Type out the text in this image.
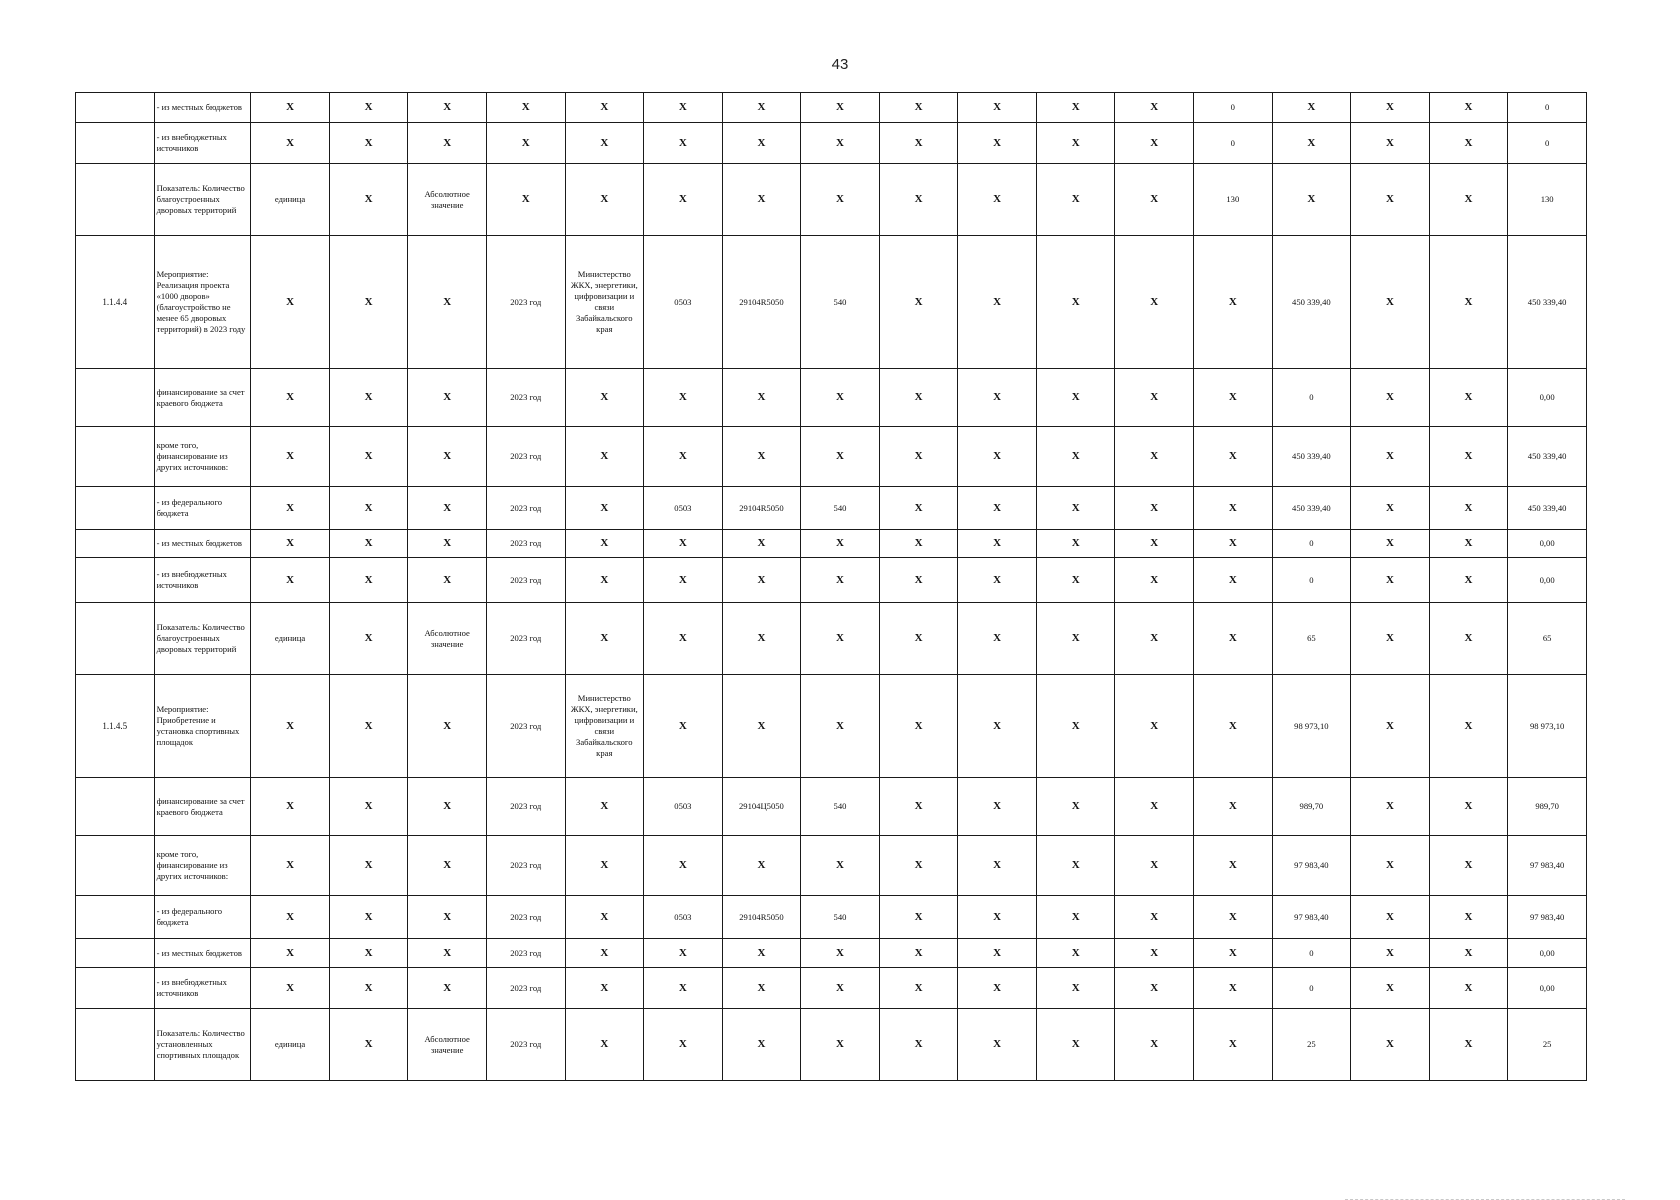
43
	- из местных бюджетов	X	X	X	X	X	X	X	X	X	X	X	X	0	X	X	X	0
	- из внебюджетных источников	X	X	X	X	X	X	X	X	X	X	X	X	0	X	X	X	0
	Показатель: Количество благоустроенных дворовых территорий	единица	X	Абсолютное значение	X	X	X	X	X	X	X	X	X	130	X	X	X	130
1.1.4.4	Мероприятие: Реализация проекта «1000 дворов» (благоустройство не менее 65 дворовых территорий) в 2023 году	X	X	X	2023 год	Министерство ЖКХ, энергетики, цифровизации и связи Забайкальского края	0503	29104R5050	540	X	X	X	X	X	450 339,40	X	X	450 339,40
	финансирование за счет краевого бюджета	X	X	X	2023 год	X	X	X	X	X	X	X	X	X	0	X	X	0,00
	кроме того, финансирование из других источников:	X	X	X	2023 год	X	X	X	X	X	X	X	X	X	450 339,40	X	X	450 339,40
	- из федерального бюджета	X	X	X	2023 год	X	0503	29104R5050	540	X	X	X	X	X	450 339,40	X	X	450 339,40
	- из местных бюджетов	X	X	X	2023 год	X	X	X	X	X	X	X	X	X	0	X	X	0,00
	- из внебюджетных источников	X	X	X	2023 год	X	X	X	X	X	X	X	X	X	0	X	X	0,00
	Показатель: Количество благоустроенных дворовых территорий	единица	X	Абсолютное значение	2023 год	X	X	X	X	X	X	X	X	X	65	X	X	65
1.1.4.5	Мероприятие: Приобретение и установка спортивных площадок	X	X	X	2023 год	Министерство ЖКХ, энергетики, цифровизации и связи Забайкальского края	X	X	X	X	X	X	X	X	98 973,10	X	X	98 973,10
	финансирование за счет краевого бюджета	X	X	X	2023 год	X	0503	29104Ц5050	540	X	X	X	X	X	989,70	X	X	989,70
	кроме того, финансирование из других источников:	X	X	X	2023 год	X	X	X	X	X	X	X	X	X	97 983,40	X	X	97 983,40
	- из федерального бюджета	X	X	X	2023 год	X	0503	29104R5050	540	X	X	X	X	X	97 983,40	X	X	97 983,40
	- из местных бюджетов	X	X	X	2023 год	X	X	X	X	X	X	X	X	X	0	X	X	0,00
	- из внебюджетных источников	X	X	X	2023 год	X	X	X	X	X	X	X	X	X	0	X	X	0,00
	Показатель: Количество установленных спортивных площадок	единица	X	Абсолютное значение	2023 год	X	X	X	X	X	X	X	X	X	25	X	X	25
